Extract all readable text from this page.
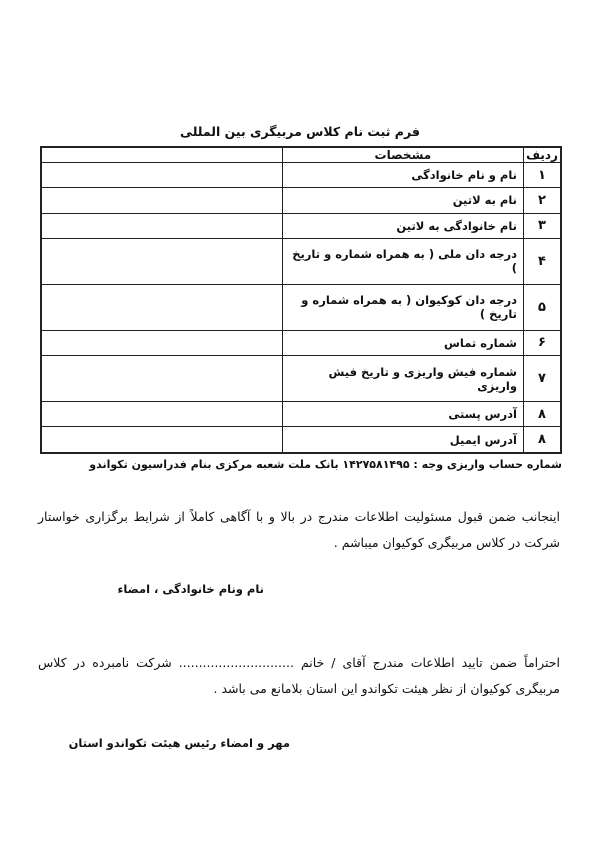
فرم ثبت نام کلاس مربیگری بین المللی
ردیف	مشخصات	
۱	نام و نام خانوادگی	
۲	نام به لاتین	
۳	نام خانوادگی به لاتین	
۴	درجه دان ملی ( به همراه شماره و تاریخ )	
۵	درجه دان کوکیوان ( به همراه شماره و تاریخ )	
۶	شماره تماس	
۷	شماره فیش واریزی و تاریخ فیش واریزی	
۸	آدرس پستی	
۸	آدرس ایمیل	
شماره حساب واریزی وجه : ۱۴۲۷۵۸۱۴۹۵ بانک ملت شعبه مرکزی بنام فدراسیون تکواندو
اینجانب ضمن قبول مسئولیت اطلاعات مندرج در بالا و با آگاهی کاملاً از شرایط برگزاری خواستار شرکت در کلاس مربیگری کوکیوان میباشم .
نام ونام خانوادگی ، امضاء
احتراماً ضمن تایید اطلاعات مندرج آقای / خانم ............................. شرکت نامبرده در کلاس مربیگری کوکیوان از نظر هیئت تکواندو این استان بلامانع می باشد .
مهر و امضاء رئیس هیئت تکواندو استان
